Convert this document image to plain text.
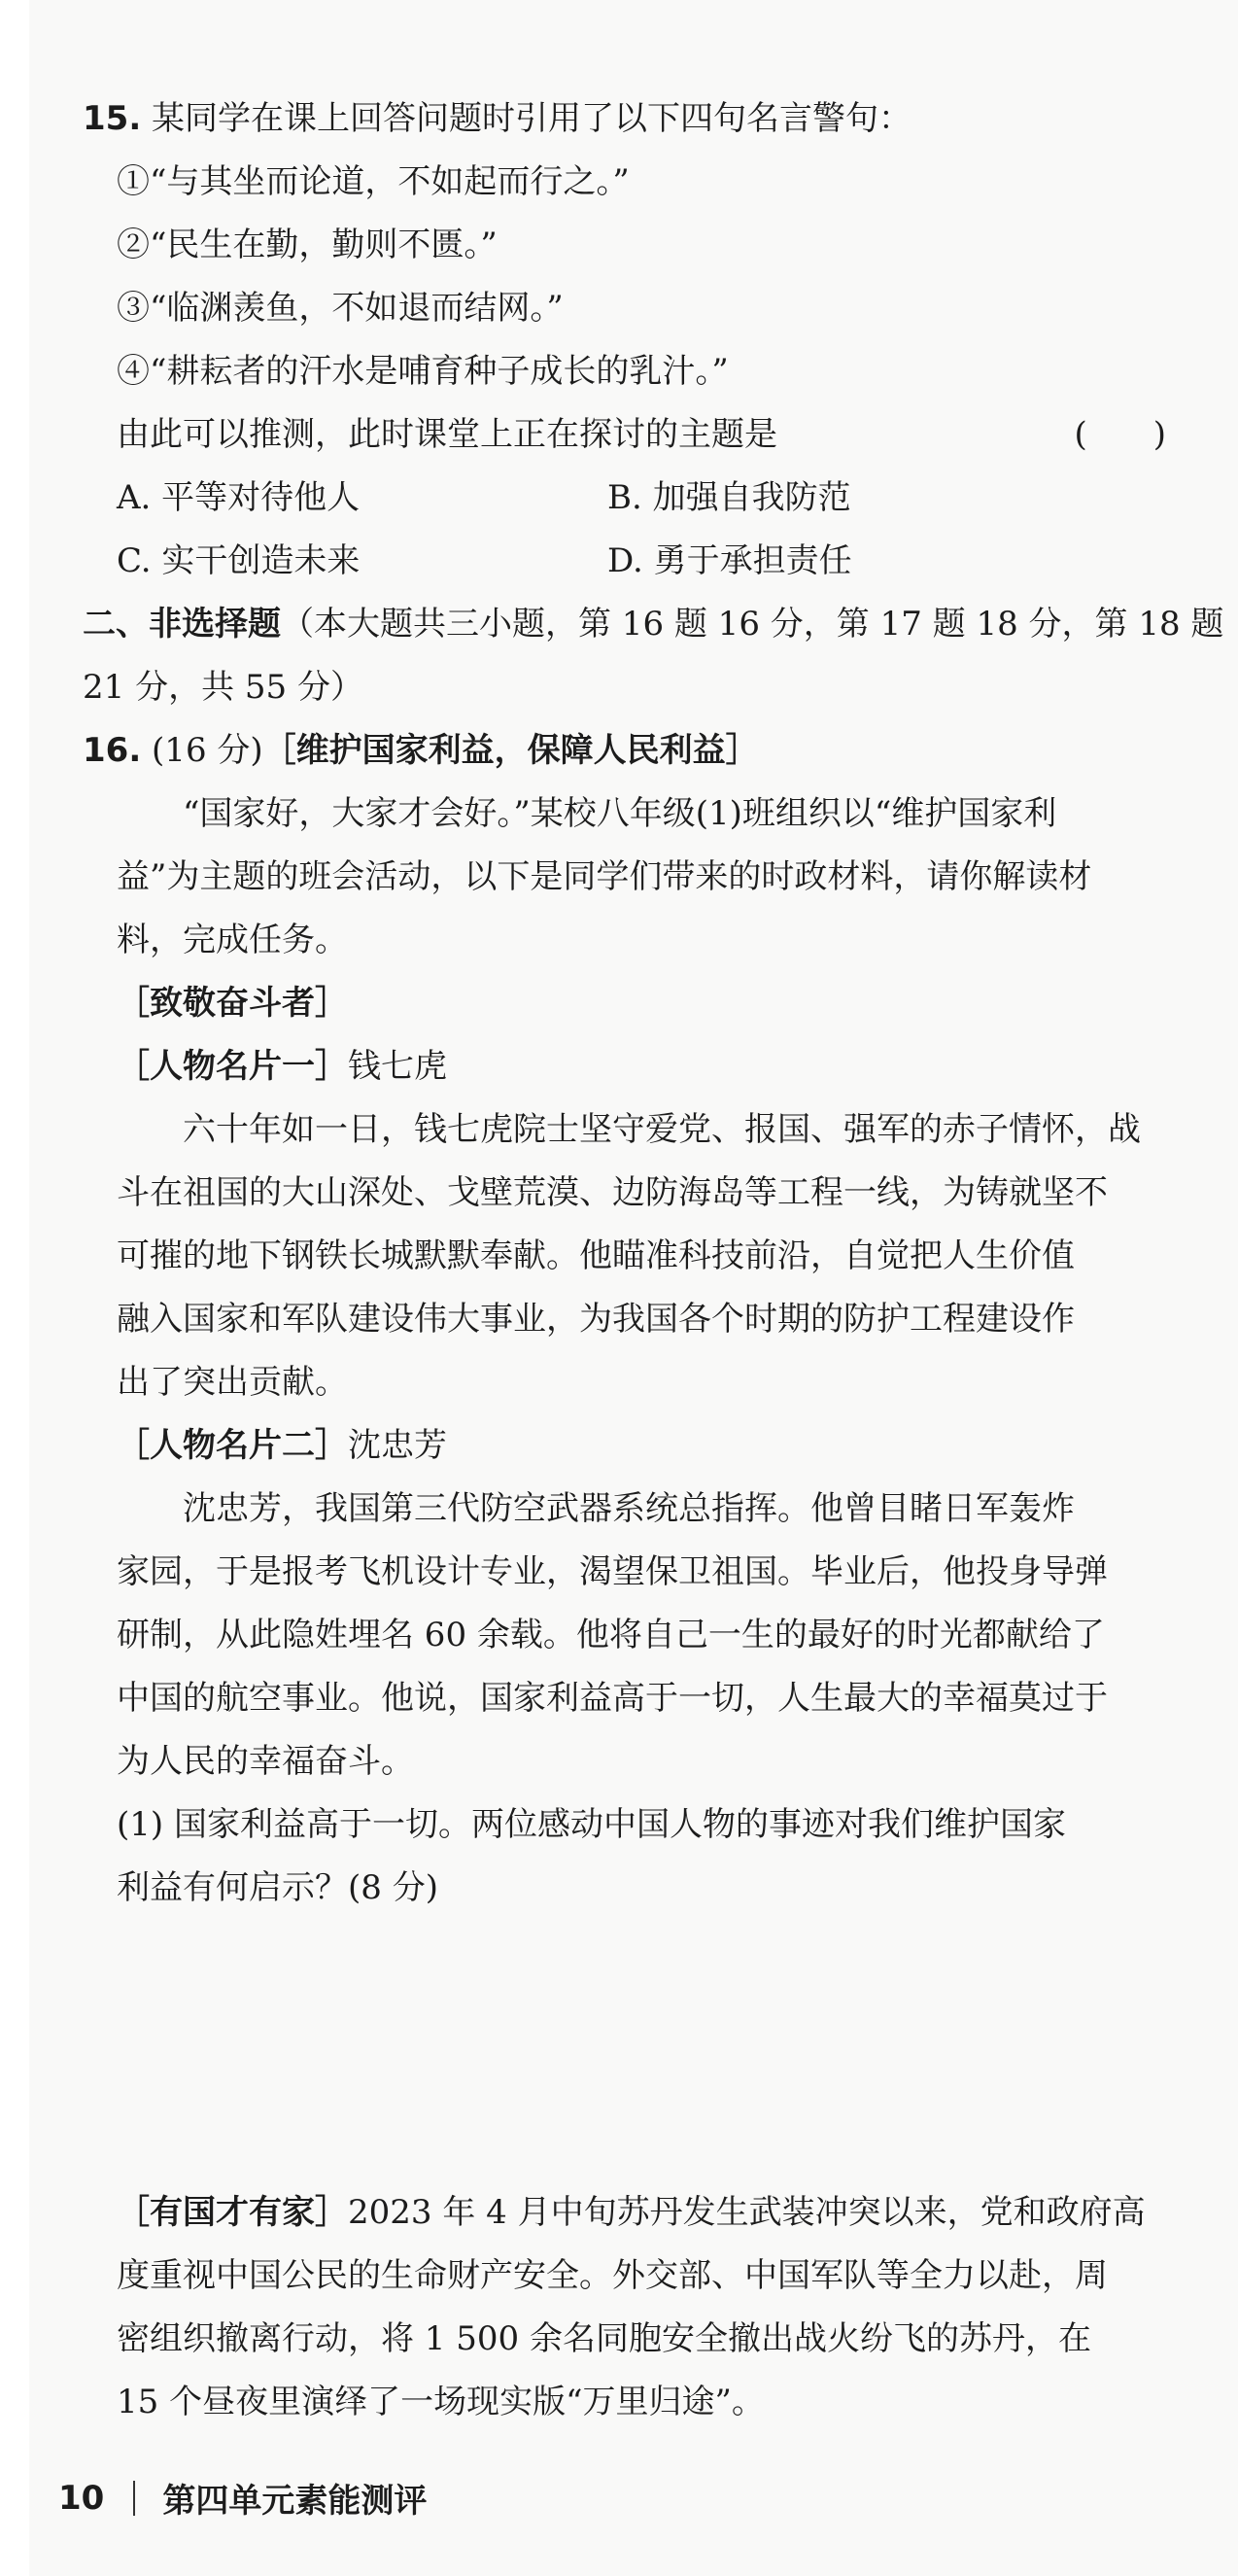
15. 某同学在课上回答问题时引用了以下四句名言警句：

①“与其坐而论道，不如起而行之。”

②“民生在勤，勤则不匮。”

③“临渊羡鱼，不如退而结网。”

④“耕耘者的汗水是哺育种子成长的乳汁。”

由此可以推测，此时课堂上正在探讨的主题是	(　　)

A. 平等对待他人	B. 加强自我防范

C. 实干创造未来	D. 勇于承担责任

二、非选择题（本大题共三小题，第 16 题 16 分，第 17 题 18 分，第 18 题

21 分，共 55 分）

16. (16 分)［维护国家利益，保障人民利益］

“国家好，大家才会好。”某校八年级(1)班组织以“维护国家利

益”为主题的班会活动，以下是同学们带来的时政材料，请你解读材

料，完成任务。

［致敬奋斗者］

［人物名片一］钱七虎

六十年如一日，钱七虎院士坚守爱党、报国、强军的赤子情怀，战

斗在祖国的大山深处、戈壁荒漠、边防海岛等工程一线，为铸就坚不

可摧的地下钢铁长城默默奉献。他瞄准科技前沿，自觉把人生价值

融入国家和军队建设伟大事业，为我国各个时期的防护工程建设作

出了突出贡献。

［人物名片二］沈忠芳

沈忠芳，我国第三代防空武器系统总指挥。他曾目睹日军轰炸

家园，于是报考飞机设计专业，渴望保卫祖国。毕业后，他投身导弹

研制，从此隐姓埋名 60 余载。他将自己一生的最好的时光都献给了

中国的航空事业。他说，国家利益高于一切，人生最大的幸福莫过于

为人民的幸福奋斗。

(1) 国家利益高于一切。两位感动中国人物的事迹对我们维护国家

利益有何启示？(8 分)

［有国才有家］2023 年 4 月中旬苏丹发生武装冲突以来，党和政府高

度重视中国公民的生命财产安全。外交部、中国军队等全力以赴，周

密组织撤离行动，将 1 500 余名同胞安全撤出战火纷飞的苏丹，在

15 个昼夜里演绎了一场现实版“万里归途”。

10 第四单元素能测评
